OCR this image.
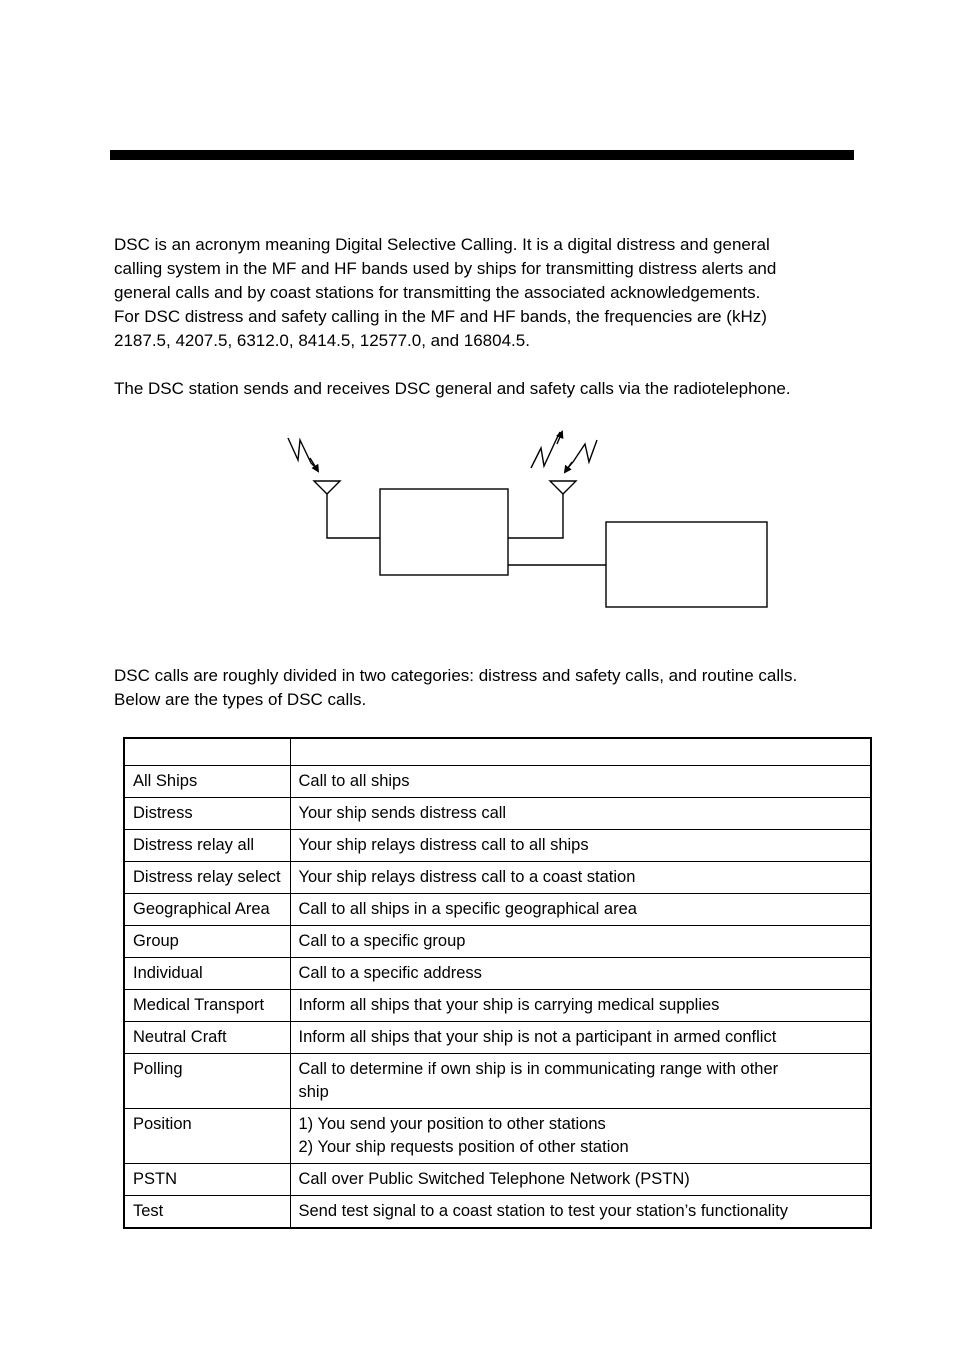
DSC is an acronym meaning Digital Selective Calling. It is a digital distress and general
calling system in the MF and HF bands used by ships for transmitting distress alerts and
general calls and by coast stations for transmitting the associated acknowledgements.
For DSC distress and safety calling in the MF and HF bands, the frequencies are (kHz)
2187.5, 4207.5, 6312.0, 8414.5, 12577.0, and 16804.5.

The DSC station sends and receives DSC general and safety calls via the radiotelephone.

DSC calls are roughly divided in two categories: distress and safety calls, and routine calls.
Below are the types of DSC calls.

All Ships	Call to all ships

Distress	Your ship sends distress call

Distress relay all	Your ship relays distress call to all ships

Distress relay select	Your ship relays distress call to a coast station

Geographical Area	Call to all ships in a specific geographical area

Group	Call to a specific group

Individual	Call to a specific address

Medical Transport	Inform all ships that your ship is carrying medical supplies

Neutral Craft	Inform all ships that your ship is not a participant in armed conflict

Polling	Call to determine if own ship is in communicating range with other
ship

Position	1) You send your position to other stations
2) Your ship requests position of other station

PSTN	Call over Public Switched Telephone Network (PSTN)

Test	Send test signal to a coast station to test your station’s functionality
